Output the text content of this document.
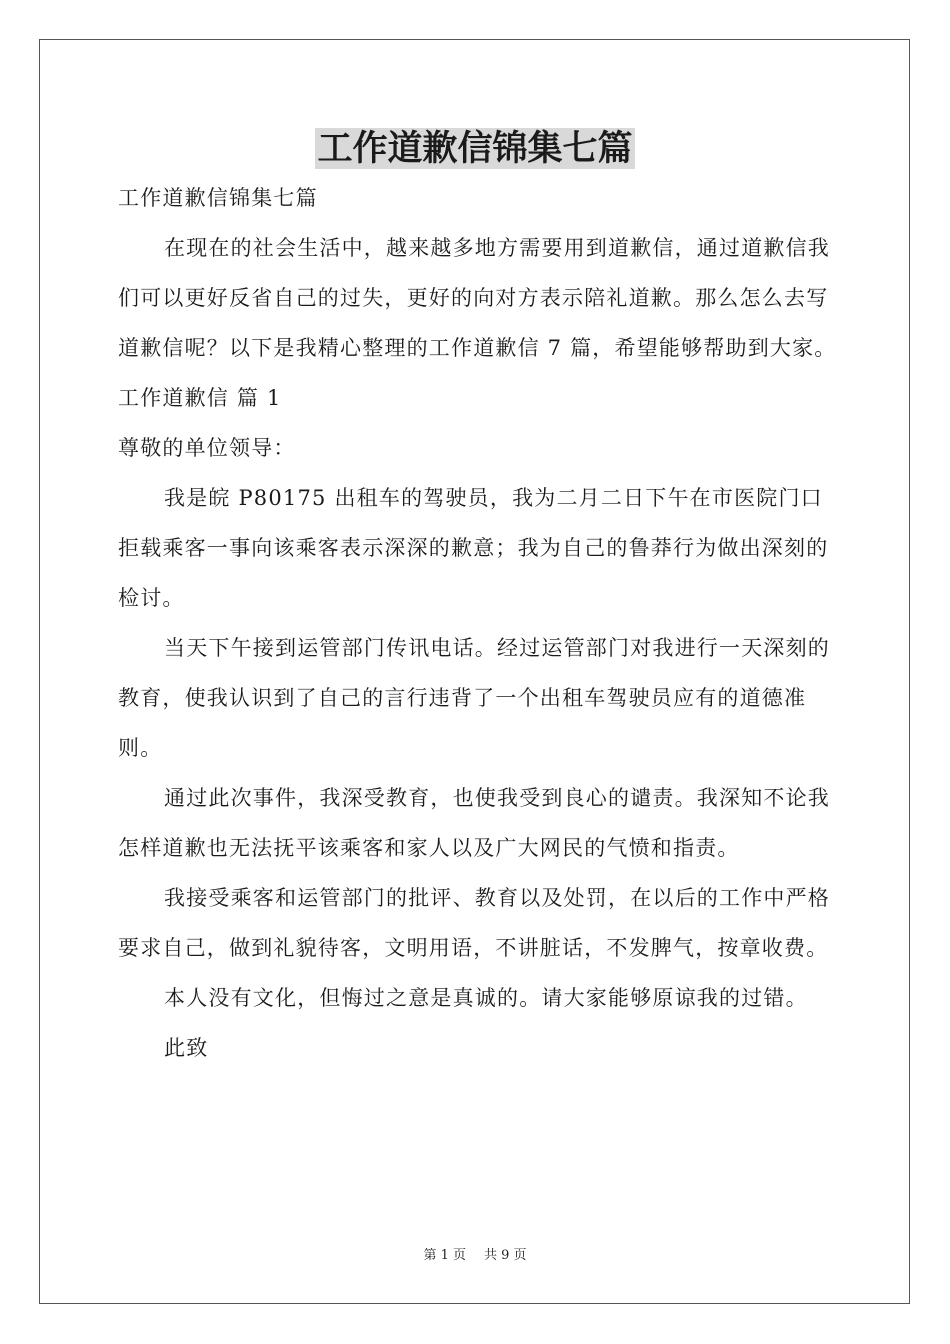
工作道歉信锦集七篇

工作道歉信锦集七篇

在现在的社会生活中，越来越多地方需要用到道歉信，通过道歉信我们可以更好反省自己的过失，更好的向对方表示陪礼道歉。那么怎么去写道歉信呢？以下是我精心整理的工作道歉信 7 篇，希望能够帮助到大家。

工作道歉信 篇 1

尊敬的单位领导：

我是皖 P80175 出租车的驾驶员，我为二月二日下午在市医院门口拒载乘客一事向该乘客表示深深的歉意；我为自己的鲁莽行为做出深刻的检讨。

当天下午接到运管部门传讯电话。经过运管部门对我进行一天深刻的教育，使我认识到了自己的言行违背了一个出租车驾驶员应有的道德准则。

通过此次事件，我深受教育，也使我受到良心的谴责。我深知不论我怎样道歉也无法抚平该乘客和家人以及广大网民的气愤和指责。

我接受乘客和运管部门的批评、教育以及处罚，在以后的工作中严格要求自己，做到礼貌待客，文明用语，不讲脏话，不发脾气，按章收费。

本人没有文化，但悔过之意是真诚的。请大家能够原谅我的过错。

此致

第 1 页 共 9 页
